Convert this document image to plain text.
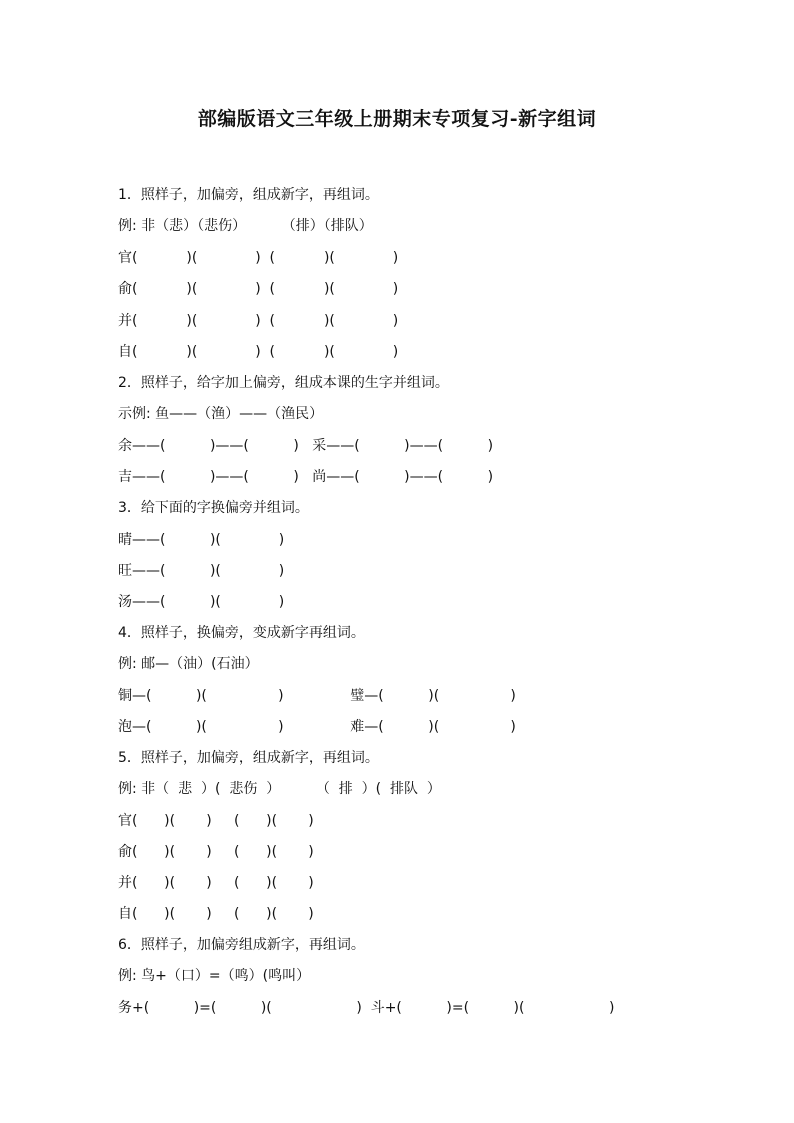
部编版语文三年级上册期末专项复习-新字组词
1．照样子，加偏旁，组成新字，再组词。
例: 非（悲）（悲伤）        （排）（排队）
官(           )(             )  (           )(             )
俞(           )(             )  (           )(             )
并(           )(             )  (           )(             )
自(           )(             )  (           )(             )
2．照样子，给字加上偏旁，组成本课的生字并组词。
示例: 鱼——（渔）——（渔民）
余——(          )——(          )   采——(          )——(          )
吉——(          )——(          )   尚——(          )——(          )
3．给下面的字换偏旁并组词。
晴——(          )(             )
旺——(          )(             )
汤——(          )(             )
4．照样子，换偏旁，变成新字再组词。
例: 邮—（油）(石油）
铜—(          )(                )               璧—(          )(                )
泡—(          )(                )               难—(          )(                )
5．照样子，加偏旁，组成新字，再组词。
例: 非（  悲  ）(  悲伤  ）        （  排  ）(  排队  ）
官(      )(       )     (      )(       )
俞(      )(       )     (      )(       )
并(      )(       )     (      )(       )
自(      )(       )     (      )(       )
6．照样子，加偏旁组成新字，再组词。
例: 鸟+（口）=（鸣）(鸣叫）
务+(          )=(          )(                   )  斗+(          )=(          )(                   )
